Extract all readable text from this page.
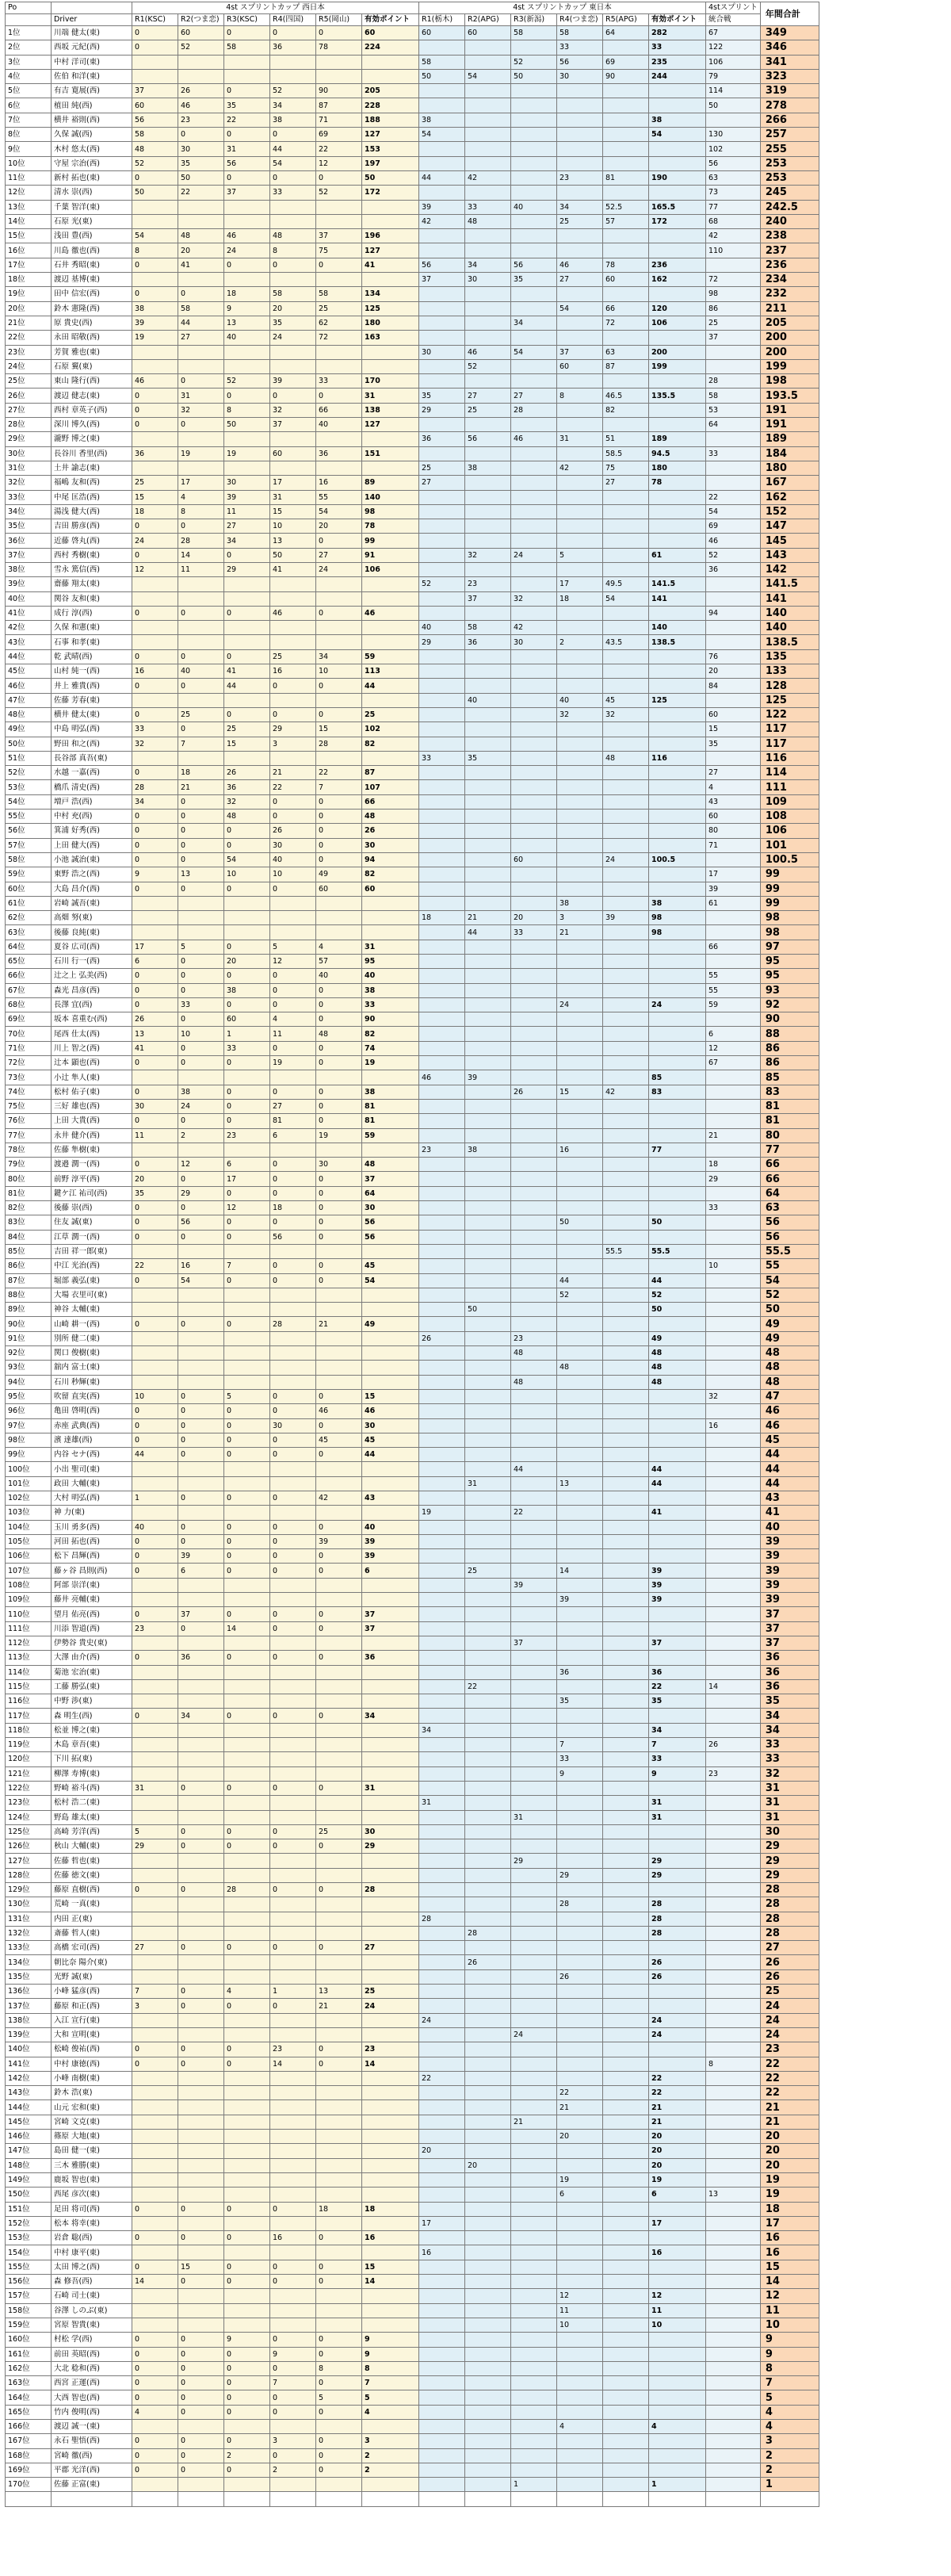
Po		4st スプリントカップ 西日本						4st スプリントカップ 東日本						4stスプリント	年間合計
	Driver	R1(KSC)	R2(つま恋)	R3(KSC)	R4(四国)	R5(岡山)	有効ポイント	R1(栃木)	R2(APG)	R3(新潟)	R4(つま恋)	R5(APG)	有効ポイント	統合戦	
1位	川端 健太(東)	0	60	0	0	0	60	60	60	58	58	64	282	67	349
2位	西坂 元紀(西)	0	52	58	36	78	224				33		33	122	346
3位	中村 洋司(東)							58		52	56	69	235	106	341
4位	佐伯 和洋(東)							50	54	50	30	90	244	79	323
5位	有吉 寛展(西)	37	26	0	52	90	205							114	319
6位	植田 純(西)	60	46	35	34	87	228							50	278
7位	横井 裕則(西)	56	23	22	38	71	188	38					38		266
8位	久保 誠(西)	58	0	0	0	69	127	54					54	130	257
9位	木村 悠太(西)	48	30	31	44	22	153							102	255
10位	守屋 宗治(西)	52	35	56	54	12	197							56	253
11位	新村 拓也(東)	0	50	0	0	0	50	44	42		23	81	190	63	253
12位	清水 崇(西)	50	22	37	33	52	172							73	245
13位	千葉 智洋(東)							39	33	40	34	52.5	165.5	77	242.5
14位	石原 光(東)							42	48		25	57	172	68	240
15位	浅田 豊(西)	54	48	46	48	37	196							42	238
16位	川島 徹也(西)	8	20	24	8	75	127							110	237
17位	石井 秀昭(東)	0	41	0	0	0	41	56	34	56	46	78	236		236
18位	渡辺 基博(東)							37	30	35	27	60	162	72	234
19位	田中 信宏(西)	0	0	18	58	58	134							98	232
20位	鈴木 憲隆(西)	38	58	9	20	25	125				54	66	120	86	211
21位	原 貴史(西)	39	44	13	35	62	180			34		72	106	25	205
22位	永田 昭敬(西)	19	27	40	24	72	163							37	200
23位	芳賀 雅也(東)							30	46	54	37	63	200		200
24位	石原 翼(東)								52		60	87	199		199
25位	東山 隆行(西)	46	0	52	39	33	170							28	198
26位	渡辺 健志(東)	0	31	0	0	0	31	35	27	27	8	46.5	135.5	58	193.5
27位	西村 章英子(西)	0	32	8	32	66	138	29	25	28		82		53	191
28位	深川 博久(西)	0	0	50	37	40	127							64	191
29位	瀧野 博之(東)							36	56	46	31	51	189		189
30位	長谷川 香里(西)	36	19	19	60	36	151					58.5	94.5	33	184
31位	土井 諭志(東)							25	38		42	75	180		180
32位	福嶋 友和(西)	25	17	30	17	16	89	27				27	78		167
33位	中尾 匡浩(西)	15	4	39	31	55	140							22	162
34位	湯浅 健大(西)	18	8	11	15	54	98							54	152
35位	吉田 勝彦(西)	0	0	27	10	20	78							69	147
36位	近藤 啓丸(西)	24	28	34	13	0	99							46	145
37位	西村 秀樹(東)	0	14	0	50	27	91		32	24	5		61	52	143
38位	雪永 篤信(西)	12	11	29	41	24	106							36	142
39位	齋藤 翔太(東)							52	23		17	49.5	141.5		141.5
40位	関谷 友和(東)								37	32	18	54	141		141
41位	成行 淳(西)	0	0	0	46	0	46							94	140
42位	久保 和憲(東)							40	58	42			140		140
43位	石事 和孝(東)							29	36	30	2	43.5	138.5		138.5
44位	乾 武晴(西)	0	0	0	25	34	59							76	135
45位	山村 純一(西)	16	40	41	16	10	113							20	133
46位	井上 雅貴(西)	0	0	44	0	0	44							84	128
47位	佐藤 芳春(東)								40		40	45	125		125
48位	横井 健太(東)	0	25	0	0	0	25				32	32		60	122
49位	中島 明弘(西)	33	0	25	29	15	102							15	117
50位	野田 和之(西)	32	7	15	3	28	82							35	117
51位	長谷部 真吾(東)							33	35			48	116		116
52位	水越 一嘉(西)	0	18	26	21	22	87							27	114
53位	橋爪 清史(西)	28	21	36	22	7	107							4	111
54位	増戸 浩(西)	34	0	32	0	0	66							43	109
55位	中村 充(西)	0	0	48	0	0	48							60	108
56位	箕浦 好秀(西)	0	0	0	26	0	26							80	106
57位	上田 健大(西)	0	0	0	30	0	30							71	101
58位	小池 誠治(東)	0	0	54	40	0	94			60		24	100.5		100.5
59位	東野 浩之(西)	9	13	10	10	49	82							17	99
60位	大島 昌介(西)	0	0	0	0	60	60							39	99
61位	岩崎 誠吾(東)										38		38	61	99
62位	高畑 努(東)							18	21	20	3	39	98		98
63位	後藤 良純(東)								44	33	21		98		98
64位	夏谷 広司(西)	17	5	0	5	4	31							66	97
65位	石川 行一(西)	6	0	20	12	57	95								95
66位	辻之上 弘美(西)	0	0	0	0	40	40							55	95
67位	森光 昌彦(西)	0	0	38	0	0	38							55	93
68位	長澤 宜(西)	0	33	0	0	0	33				24		24	59	92
69位	坂本 喜重む(西)	26	0	60	4	0	90								90
70位	尾西 仕太(西)	13	10	1	11	48	82							6	88
71位	川上 智之(西)	41	0	33	0	0	74							12	86
72位	辻本 顕也(西)	0	0	0	19	0	19							67	86
73位	小辻 隼人(東)							46	39				85		85
74位	松村 佑子(東)	0	38	0	0	0	38			26	15	42	83		83
75位	三好 雄也(西)	30	24	0	27	0	81								81
76位	上田 大貴(西)	0	0	0	81	0	81								81
77位	永井 健介(西)	11	2	23	6	19	59							21	80
78位	佐藤 隼樹(東)							23	38		16		77		77
79位	渡邉 潤一(西)	0	12	6	0	30	48							18	66
80位	前野 淳平(西)	20	0	17	0	0	37							29	66
81位	鍵ケ江 祐司(西)	35	29	0	0	0	64								64
82位	後藤 崇(西)	0	0	12	18	0	30							33	63
83位	住友 誠(東)	0	56	0	0	0	56				50		50		56
84位	江草 潤一(西)	0	0	0	56	0	56								56
85位	吉田 祥一郎(東)											55.5	55.5		55.5
86位	中江 光治(西)	22	16	7	0	0	45							10	55
87位	堀部 義弘(東)	0	54	0	0	0	54				44		44		54
88位	大場 衣里可(東)										52		52		52
89位	神谷 太輔(東)								50				50		50
90位	山崎 耕一(西)	0	0	0	28	21	49								49
91位	別所 健二(東)							26		23			49		49
92位	関口 俊樹(東)									48			48		48
93位	舘内 富士(東)										48		48		48
94位	石川 秒輝(東)									48			48		48
95位	吹留 直実(西)	10	0	5	0	0	15							32	47
96位	亀田 啓明(西)	0	0	0	0	46	46								46
97位	赤座 武典(西)	0	0	0	30	0	30							16	46
98位	濱 達雄(西)	0	0	0	0	45	45								45
99位	内谷 セナ(西)	44	0	0	0	0	44								44
100位	小出 聖司(東)									44			44		44
101位	政田 大輔(東)								31		13		44		44
102位	大村 明弘(西)	1	0	0	0	42	43								43
103位	神 力(東)							19		22			41		41
104位	玉川 勇多(西)	40	0	0	0	0	40								40
105位	河田 拓也(西)	0	0	0	0	39	39								39
106位	松下 昌輝(西)	0	39	0	0	0	39								39
107位	藤ヶ谷 昌則(西)	0	6	0	0	0	6		25		14		39		39
108位	阿部 崇洋(東)									39			39		39
109位	藤井 亮輔(東)										39		39		39
110位	望月 佑亮(西)	0	37	0	0	0	37								37
111位	川添 智道(西)	23	0	14	0	0	37								37
112位	伊勢谷 貴史(東)									37			37		37
113位	大澤 由介(西)	0	36	0	0	0	36								36
114位	菊池 宏治(東)										36		36		36
115位	工藤 勝弘(東)								22				22	14	36
116位	中野 渉(東)										35		35		35
117位	森 明生(西)	0	34	0	0	0	34								34
118位	松並 博之(東)							34					34		34
119位	木島 章吾(東)										7		7	26	33
120位	下川 拓(東)										33		33		33
121位	柳澤 寿博(東)										9		9	23	32
122位	野崎 裕斗(西)	31	0	0	0	0	31								31
123位	松村 浩二(東)							31					31		31
124位	野島 雄太(東)									31			31		31
125位	高崎 芳洋(西)	5	0	0	0	25	30								30
126位	秋山 大輔(東)	29	0	0	0	0	29								29
127位	佐藤 哲也(東)									29			29		29
128位	佐藤 徳文(東)										29		29		29
129位	藤原 直樹(西)	0	0	28	0	0	28								28
130位	荒崎 一真(東)										28		28		28
131位	内田 正(東)							28					28		28
132位	斎藤 哲人(東)								28				28		28
133位	高橋 宏司(西)	27	0	0	0	0	27								27
134位	朝比奈 陽介(東)								26				26		26
135位	光野 誠(東)										26		26		26
136位	小峰 猛彦(西)	7	0	4	1	13	25								25
137位	藤原 和正(西)	3	0	0	0	21	24								24
138位	入江 宣行(東)							24					24		24
139位	大和 宣明(東)									24			24		24
140位	松崎 俊祐(西)	0	0	0	23	0	23								23
141位	中村 康徳(西)	0	0	0	14	0	14							8	22
142位	小峰 南樹(東)							22					22		22
143位	鈴木 浩(東)										22		22		22
144位	山元 宏和(東)										21		21		21
145位	宮崎 文克(東)									21			21		21
146位	篠原 大地(東)										20		20		20
147位	島田 健一(東)							20					20		20
148位	三木 雅勝(東)								20				20		20
149位	鹿坂 智也(東)										19		19		19
150位	西尾 彦次(東)										6		6	13	19
151位	足田 将司(西)	0	0	0	0	18	18								18
152位	松本 将幸(東)							17					17		17
153位	岩倉 聡(西)	0	0	0	16	0	16								16
154位	中村 康平(東)							16					16		16
155位	太田 博之(西)	0	15	0	0	0	15								15
156位	森 修吾(西)	14	0	0	0	0	14								14
157位	石崎 司士(東)										12		12		12
158位	谷澤 しのぶ(東)										11		11		11
159位	宮原 智貴(東)										10		10		10
160位	村松 学(西)	0	0	9	0	0	9								9
161位	前田 英昭(西)	0	0	0	9	0	9								9
162位	大北 稔和(西)	0	0	0	0	8	8								8
163位	西宮 正運(西)	0	0	0	7	0	7								7
164位	大西 智也(西)	0	0	0	0	5	5								5
165位	竹内 俊明(西)	4	0	0	0	0	4								4
166位	渡辺 誠一(東)										4		4		4
167位	永石 聖悟(西)	0	0	0	3	0	3								3
168位	宮崎 徹(西)	0	0	2	0	0	2								2
169位	平郡 光洋(西)	0	0	0	2	0	2								2
170位	佐藤 正富(東)									1			1		1
